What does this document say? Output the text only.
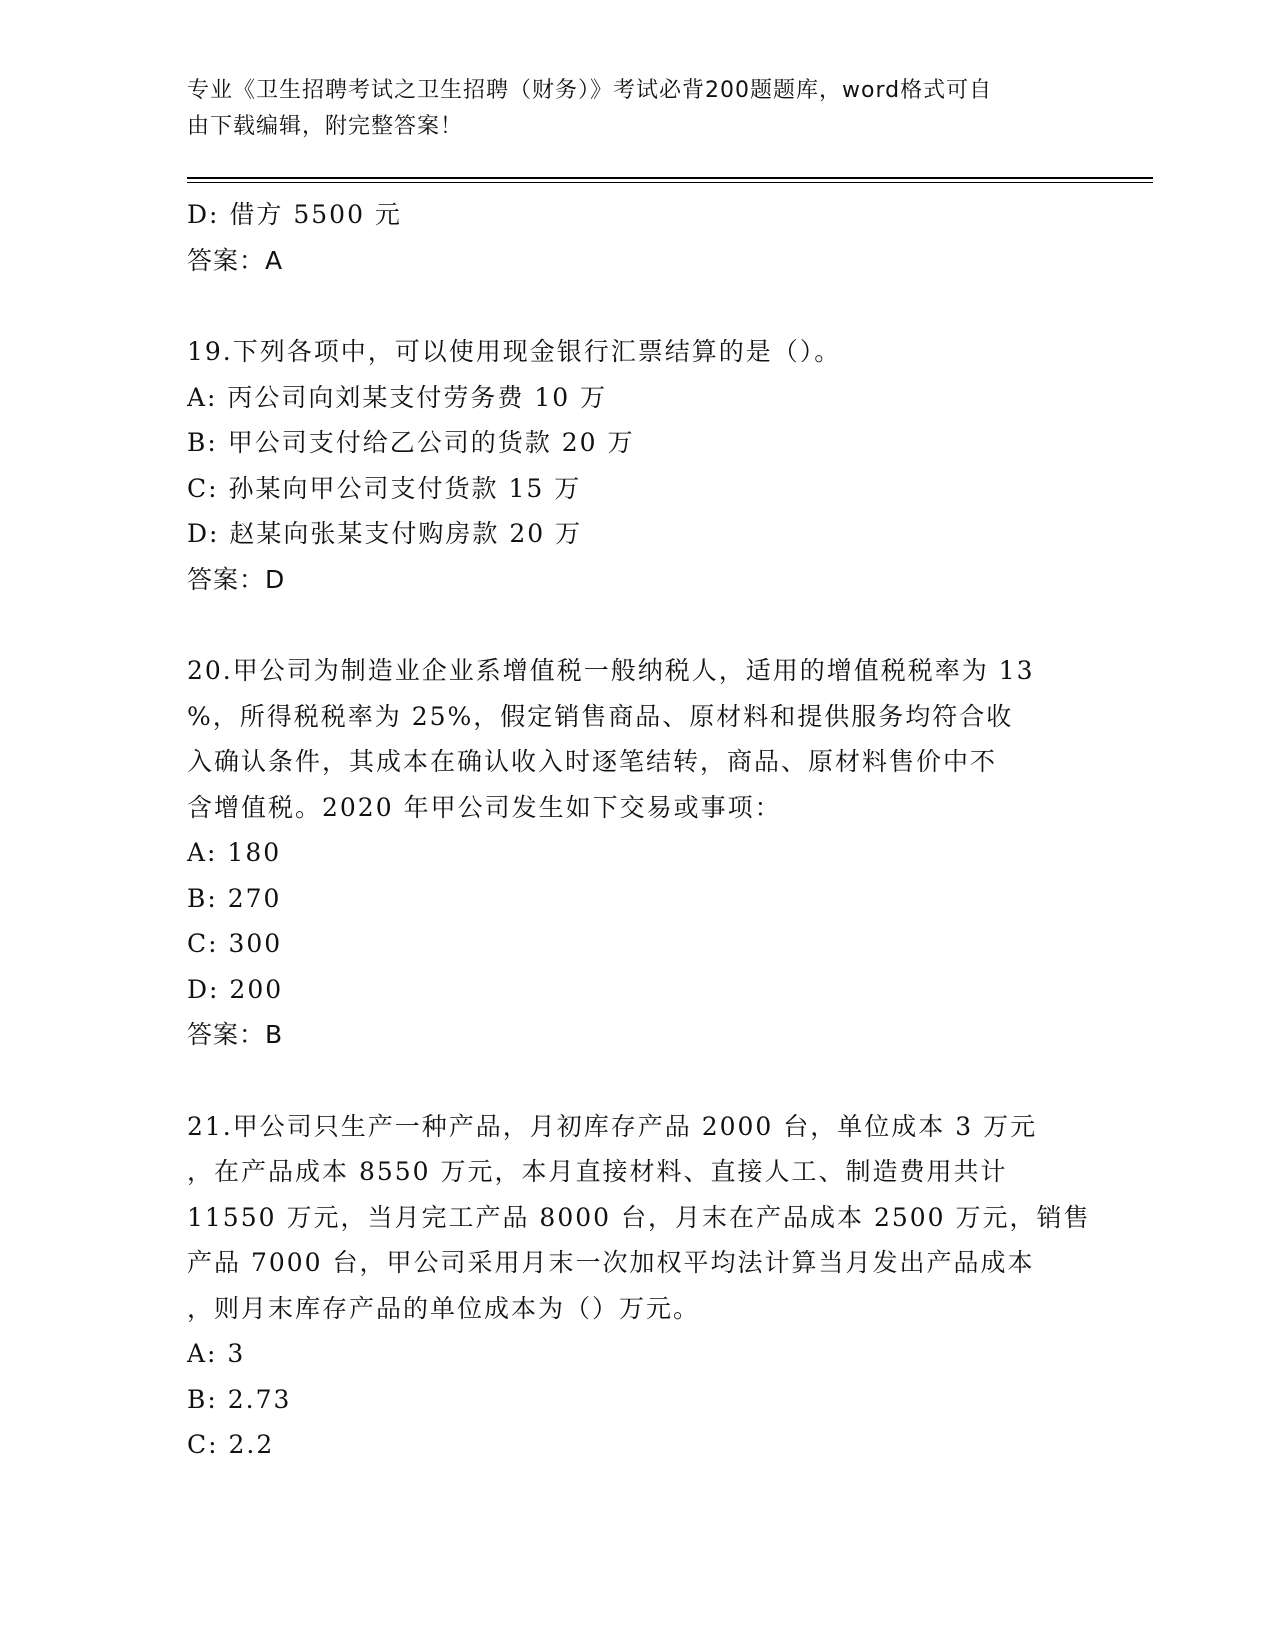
专业《卫生招聘考试之卫生招聘（财务）》考试必背200题题库，word格式可自
由下载编辑，附完整答案！
D: 借方 5500 元
答案：A
19.下列各项中，可以使用现金银行汇票结算的是（）。
A: 丙公司向刘某支付劳务费 10 万
B: 甲公司支付给乙公司的货款 20 万
C: 孙某向甲公司支付货款 15 万
D: 赵某向张某支付购房款 20 万
答案：D
20.甲公司为制造业企业系增值税一般纳税人，适用的增值税税率为 13
%，所得税税率为 25%，假定销售商品、原材料和提供服务均符合收
入确认条件，其成本在确认收入时逐笔结转，商品、原材料售价中不
含增值税。2020 年甲公司发生如下交易或事项：
A: 180
B: 270
C: 300
D: 200
答案：B
21.甲公司只生产一种产品，月初库存产品 2000 台，单位成本 3 万元
，在产品成本 8550 万元，本月直接材料、直接人工、制造费用共计
11550 万元，当月完工产品 8000 台，月末在产品成本 2500 万元，销售
产品 7000 台，甲公司采用月末一次加权平均法计算当月发出产品成本
，则月末库存产品的单位成本为（）万元。
A: 3
B: 2.73
C: 2.2
